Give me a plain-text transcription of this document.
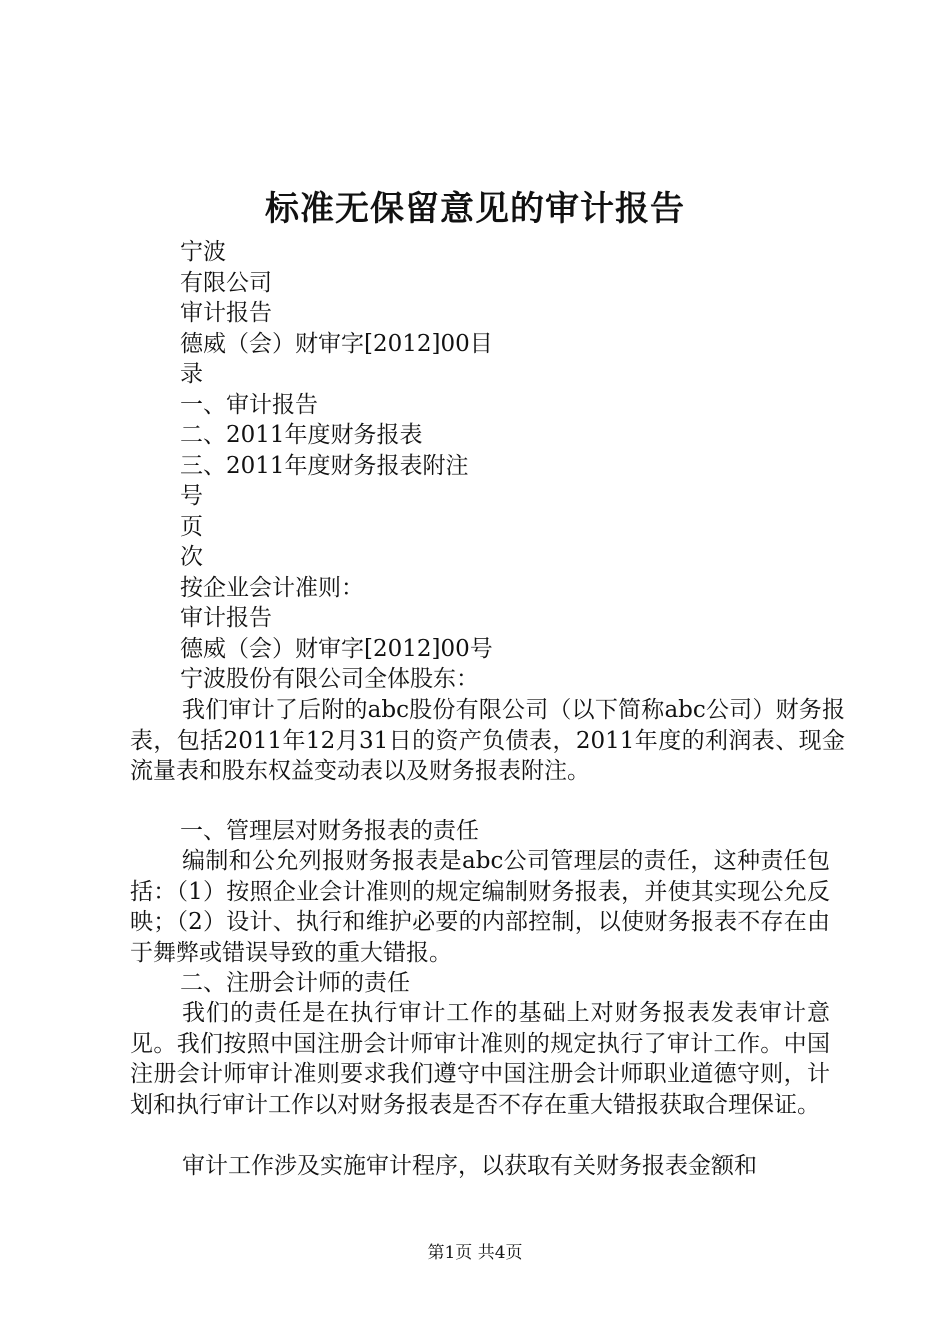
标准无保留意见的审计报告
宁波
有限公司
审计报告
德威（会）财审字[2012]00目
录
一、审计报告
二、2011年度财务报表
三、2011年度财务报表附注
号
页
次
按企业会计准则：
审计报告
德威（会）财审字[2012]00号
宁波股份有限公司全体股东：
我们审计了后附的abc股份有限公司（以下简称abc公司）财务报表，包括2011年12月31日的资产负债表，2011年度的利润表、现金流量表和股东权益变动表以及财务报表附注。
一、管理层对财务报表的责任
编制和公允列报财务报表是abc公司管理层的责任，这种责任包括：（1）按照企业会计准则的规定编制财务报表，并使其实现公允反映；（2）设计、执行和维护必要的内部控制，以使财务报表不存在由于舞弊或错误导致的重大错报。
二、注册会计师的责任
我们的责任是在执行审计工作的基础上对财务报表发表审计意见。我们按照中国注册会计师审计准则的规定执行了审计工作。中国注册会计师审计准则要求我们遵守中国注册会计师职业道德守则，计划和执行审计工作以对财务报表是否不存在重大错报获取合理保证。
审计工作涉及实施审计程序，以获取有关财务报表金额和
第1页 共4页
